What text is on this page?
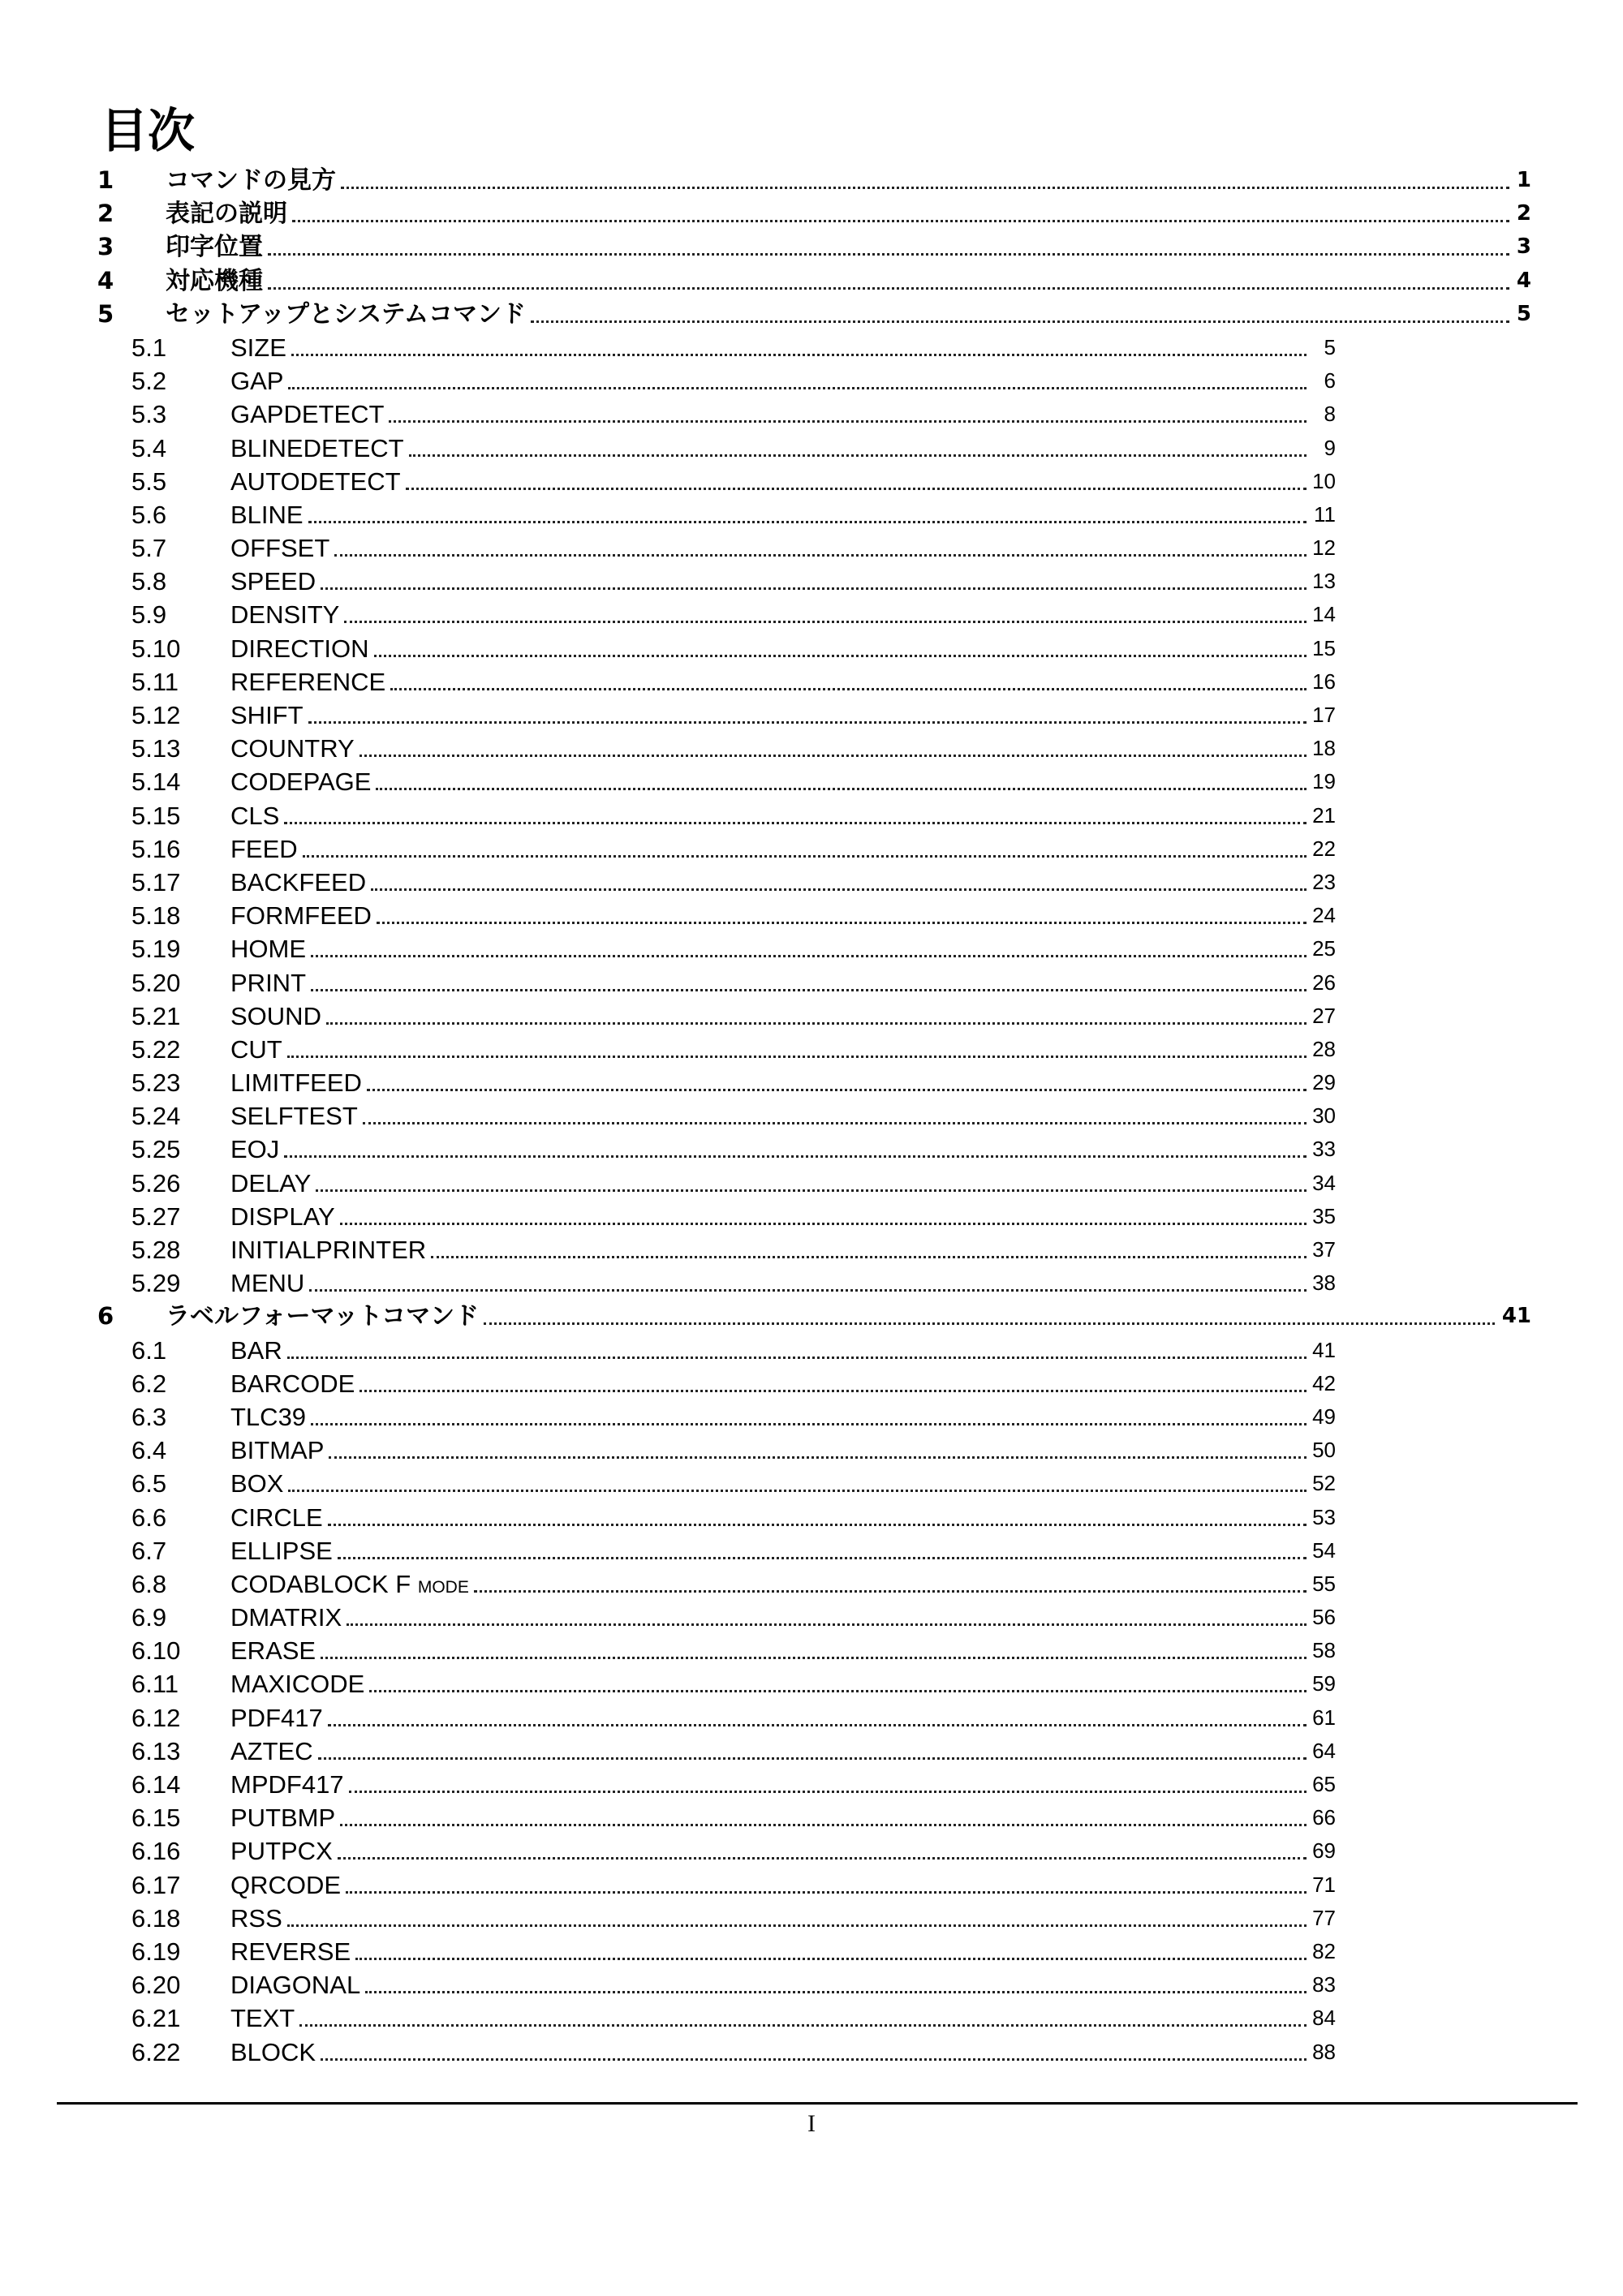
目次
1 コマンドの見方	1
2 表記の説明	2
3 印字位置	3
4 対応機種	4
5 セットアップとシステムコマンド	5
5.1	SIZE	5
5.2	GAP	6
5.3	GAPDETECT	8
5.4	BLINEDETECT	9
5.5	AUTODETECT	10
5.6	BLINE	11
5.7	OFFSET	12
5.8	SPEED	13
5.9	DENSITY	14
5.10 DIRECTION	15
5.11 REFERENCE	16
5.12 SHIFT	17
5.13 COUNTRY	18
5.14 CODEPAGE	19
5.15 CLS	21
5.16 FEED	22
5.17 BACKFEED	23
5.18 FORMFEED	24
5.19 HOME	25
5.20 PRINT	26
5.21 SOUND	27
5.22 CUT	28
5.23 LIMITFEED	29
5.24 SELFTEST	30
5.25 EOJ	33
5.26 DELAY	34
5.27 DISPLAY	35
5.28 INITIALPRINTER	37
5.29 MENU	38
6 ラベルフォーマットコマンド	41
6.1	BAR	41
6.2	BARCODE	42
6.3	TLC39	49
6.4	BITMAP	50
6.5	BOX	52
6.6	CIRCLE	53
6.7	ELLIPSE	54
6.8	CODABLOCK F MODE	55
6.9	DMATRIX	56
6.10 ERASE	58
6.11 MAXICODE	59
6.12 PDF417	61
6.13 AZTEC	64
6.14 MPDF417	65
6.15 PUTBMP	66
6.16 PUTPCX	69
6.17 QRCODE	71
6.18 RSS	77
6.19 REVERSE	82
6.20 DIAGONAL	83
6.21 TEXT	84
6.22 BLOCK	88
I
